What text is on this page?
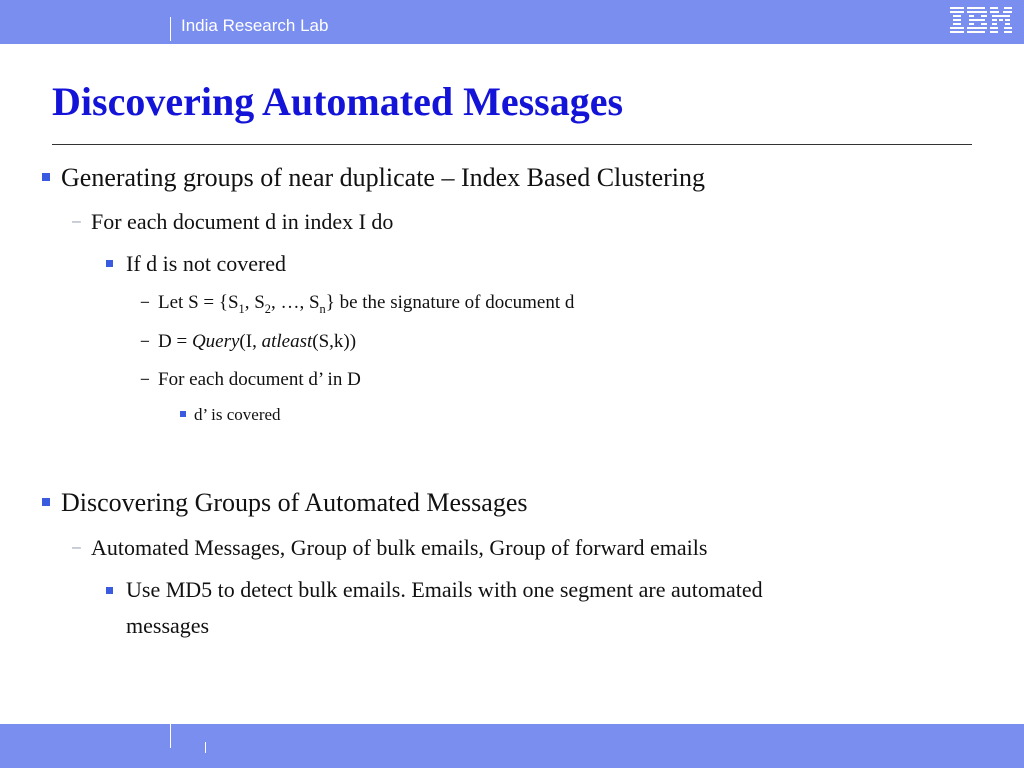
India Research Lab
Discovering Automated Messages
Generating groups of near duplicate – Index Based Clustering
– For each document d in index I do
If d is not covered
− Let $S = \{S_1$, $S_2$, …, $S_n$} be the signature of document d
− D = Query(I, atleast(S,k))
− For each document d’ in D
d’ is covered
Discovering Groups of Automated Messages
– Automated Messages, Group of bulk emails, Group of forward emails
Use MD5 to detect bulk emails. Emails with one segment are automated
messages
